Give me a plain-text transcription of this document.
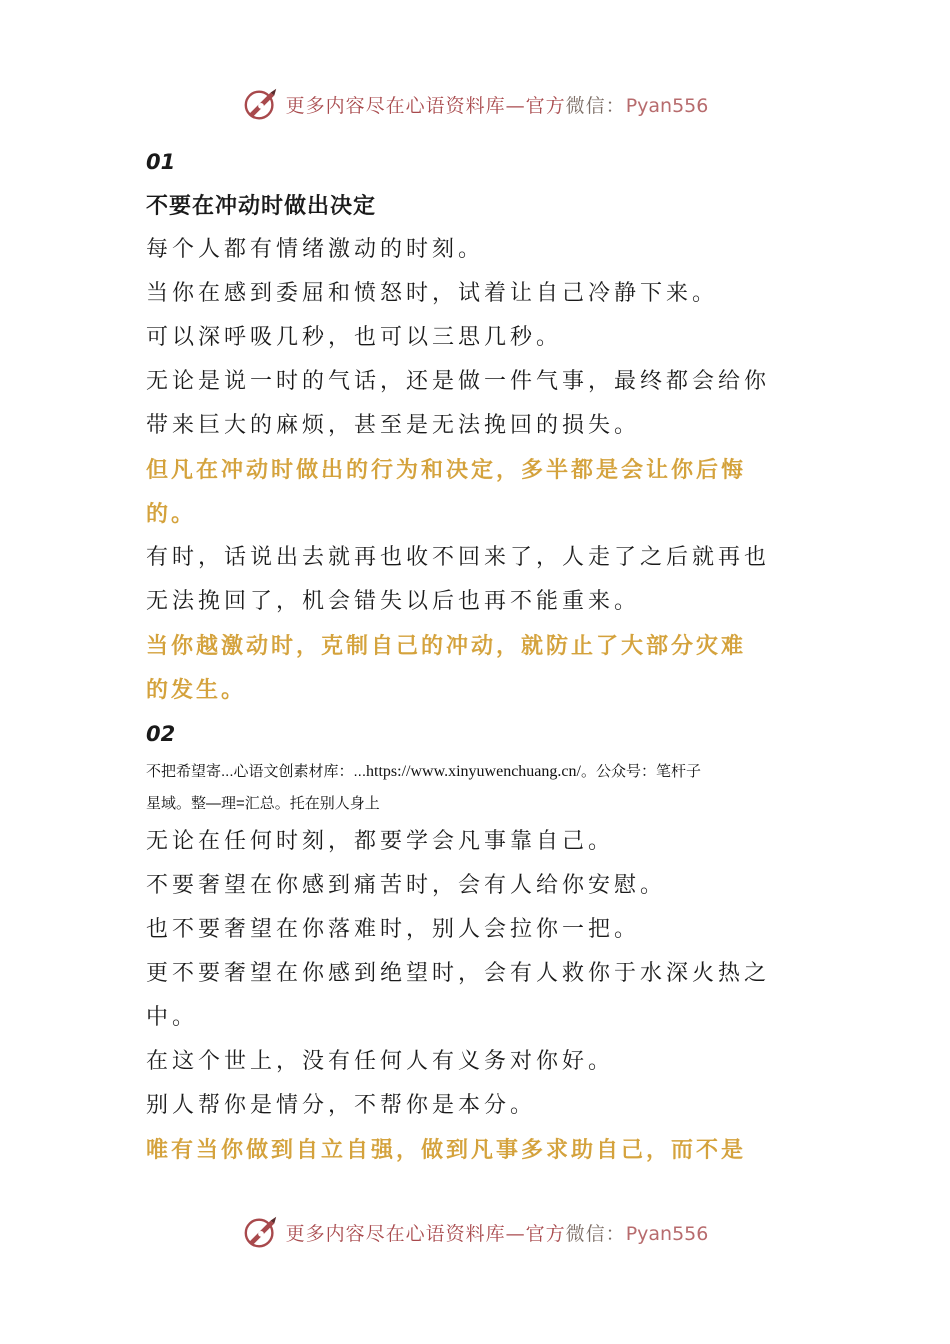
更多内容尽在心语资料库—官方微信：Pyan556
01
不要在冲动时做出决定
每个人都有情绪激动的时刻。
当你在感到委屈和愤怒时，试着让自己冷静下来。
可以深呼吸几秒，也可以三思几秒。
无论是说一时的气话，还是做一件气事，最终都会给你
带来巨大的麻烦，甚至是无法挽回的损失。
但凡在冲动时做出的行为和决定，多半都是会让你后悔
的。
有时，话说出去就再也收不回来了，人走了之后就再也
无法挽回了，机会错失以后也再不能重来。
当你越激动时，克制自己的冲动，就防止了大部分灾难
的发生。
02
不把希望寄...心语文创素材库：...https://www.xinyuwenchuang.cn/。公众号：笔杆子
星域。整—理=汇总。托在别人身上
无论在任何时刻，都要学会凡事靠自己。
不要奢望在你感到痛苦时，会有人给你安慰。
也不要奢望在你落难时，别人会拉你一把。
更不要奢望在你感到绝望时，会有人救你于水深火热之
中。
在这个世上，没有任何人有义务对你好。
别人帮你是情分，不帮你是本分。
唯有当你做到自立自强，做到凡事多求助自己，而不是
更多内容尽在心语资料库—官方微信：Pyan556
